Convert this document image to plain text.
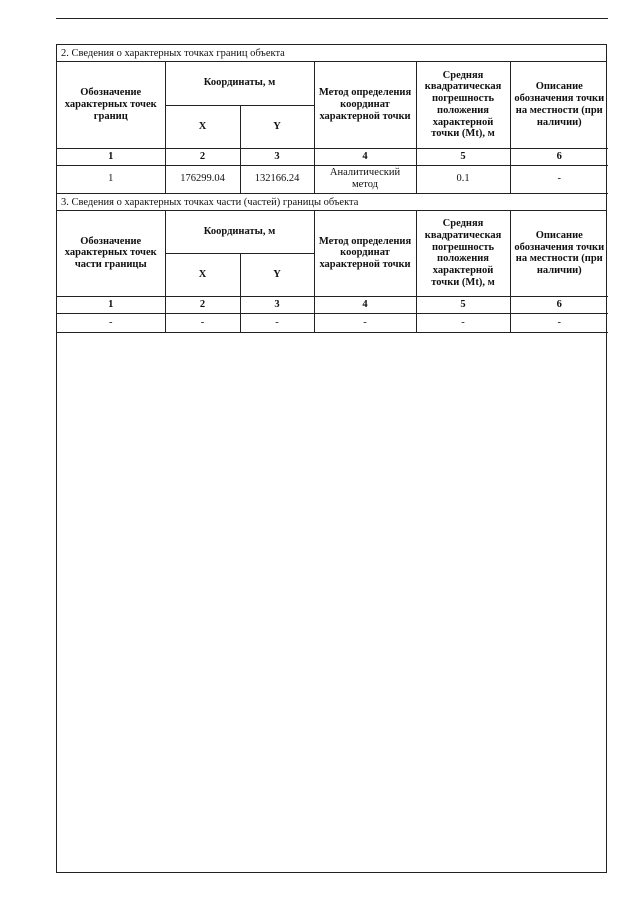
2. Сведения о характерных точках границ объекта
Обозначение характерных точек границ	Координаты, м		Метод определения координат характерной точки	Средняя квадратическая погрешность положения характерной точки (Mt), м	Описание обозначения точки на местности (при наличии)
	X	Y			
1	2	3	4	5	6
1	176299.04	132166.24	Аналитический метод	0.1	-
3. Сведения о характерных точках части (частей) границы объекта
Обозначение характерных точек части границы	Координаты, м		Метод определения координат характерной точки	Средняя квадратическая погрешность положения характерной точки (Mt), м	Описание обозначения точки на местности (при наличии)
	X	Y			
1	2	3	4	5	6
-	-	-	-	-	-
